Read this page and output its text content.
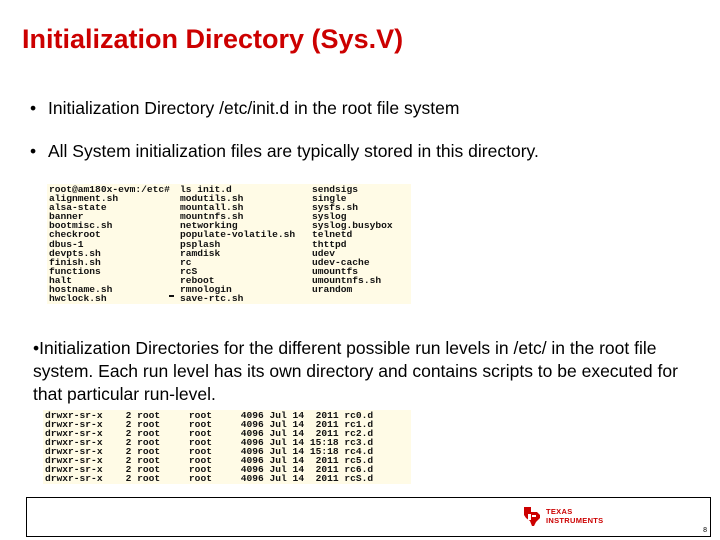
Initialization Directory (Sys.V)
• Initialization Directory /etc/init.d in the root file system
• All System initialization files are typically stored in this directory.
root@am180x-evm:/etc#
alignment.sh
alsa-state
banner
bootmisc.sh
checkroot
dbus-1
devpts.sh
finish.sh
functions
halt
hostname.sh
hwclock.sh
ls init.d
modutils.sh
mountall.sh
mountnfs.sh
networking
populate-volatile.sh
psplash
ramdisk
rc
rcS
reboot
rmnologin
save-rtc.sh
sendsigs
single
sysfs.sh
syslog
syslog.busybox
telnetd
thttpd
udev
udev-cache
umountfs
umountnfs.sh
urandom
•Initialization Directories for the different possible run levels in /etc/ in the root file system. Each run level has its own directory and contains scripts to be executed for that particular run-level.
drwxr-sr-x    2 root     root     4096 Jul 14  2011 rc0.d
drwxr-sr-x    2 root     root     4096 Jul 14  2011 rc1.d
drwxr-sr-x    2 root     root     4096 Jul 14  2011 rc2.d
drwxr-sr-x    2 root     root     4096 Jul 14 15:18 rc3.d
drwxr-sr-x    2 root     root     4096 Jul 14 15:18 rc4.d
drwxr-sr-x    2 root     root     4096 Jul 14  2011 rc5.d
drwxr-sr-x    2 root     root     4096 Jul 14  2011 rc6.d
drwxr-sr-x    2 root     root     4096 Jul 14  2011 rcS.d
TEXAS
INSTRUMENTS
8
